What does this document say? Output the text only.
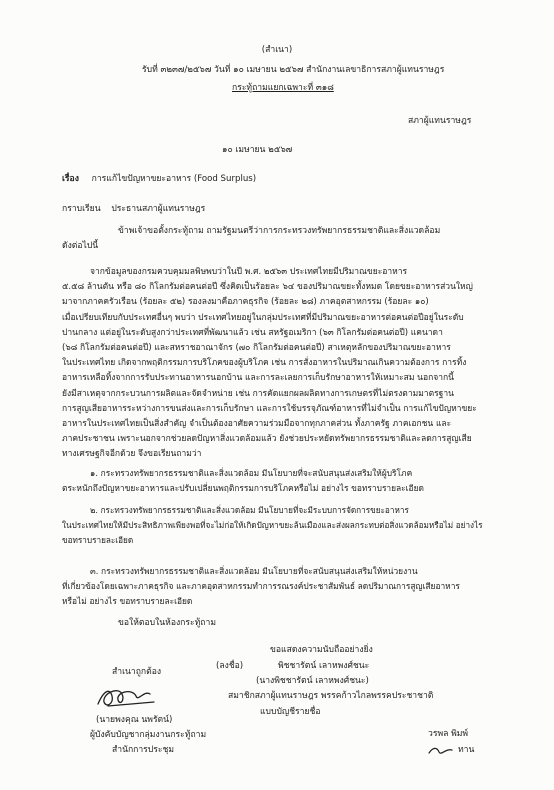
(สำเนา)
รับที่ ๓๒๓๗/๒๕๖๗ วันที่ ๑๐ เมษายน ๒๕๖๗ สำนักงานเลขาธิการสภาผู้แทนราษฎร
กระทู้ถามแยกเฉพาะที่ ๓๑๘
สภาผู้แทนราษฎร
๑๐ เมษายน ๒๕๖๗
เรื่อง การแก้ไขปัญหาขยะอาหาร (Food Surplus)
กราบเรียน ประธานสภาผู้แทนราษฎร
ข้าพเจ้าขอตั้งกระทู้ถาม ถามรัฐมนตรีว่าการกระทรวงทรัพยากรธรรมชาติและสิ่งแวดล้อม
ดังต่อไปนี้
จากข้อมูลของกรมควบคุมมลพิษพบว่าในปี พ.ศ. ๒๕๖๓ ประเทศไทยมีปริมาณขยะอาหาร
๕.๕๘ ล้านตัน หรือ ๘๐ กิโลกรัมต่อคนต่อปี ซึ่งคิดเป็นร้อยละ ๖๔ ของปริมาณขยะทั้งหมด โดยขยะอาหารส่วนใหญ่
มาจากภาคครัวเรือน (ร้อยละ ๕๒) รองลงมาคือภาคธุรกิจ (ร้อยละ ๒๘) ภาคอุตสาหกรรม (ร้อยละ ๑๐)
เมื่อเปรียบเทียบกับประเทศอื่นๆ พบว่า ประเทศไทยอยู่ในกลุ่มประเทศที่มีปริมาณขยะอาหารต่อคนต่อปีอยู่ในระดับ
ปานกลาง แต่อยู่ในระดับสูงกว่าประเทศที่พัฒนาแล้ว เช่น สหรัฐอเมริกา (๖๓ กิโลกรัมต่อคนต่อปี) แคนาดา
(๖๘ กิโลกรัมต่อคนต่อปี) และสหราชอาณาจักร (๗๐ กิโลกรัมต่อคนต่อปี) สาเหตุหลักของปริมาณขยะอาหาร
ในประเทศไทย เกิดจากพฤติกรรมการบริโภคของผู้บริโภค เช่น การสั่งอาหารในปริมาณเกินความต้องการ การทิ้ง
อาหารเหลือทิ้งจากการรับประทานอาหารนอกบ้าน และการละเลยการเก็บรักษาอาหารให้เหมาะสม นอกจากนี้
ยังมีสาเหตุจากกระบวนการผลิตและจัดจำหน่าย เช่น การคัดแยกผลผลิตทางการเกษตรที่ไม่ตรงตามมาตรฐาน
การสูญเสียอาหารระหว่างการขนส่งและการเก็บรักษา และการใช้บรรจุภัณฑ์อาหารที่ไม่จำเป็น การแก้ไขปัญหาขยะ
อาหารในประเทศไทยเป็นสิ่งสำคัญ จำเป็นต้องอาศัยความร่วมมือจากทุกภาคส่วน ทั้งภาครัฐ ภาคเอกชน และ
ภาคประชาชน เพราะนอกจากช่วยลดปัญหาสิ่งแวดล้อมแล้ว ยังช่วยประหยัดทรัพยากรธรรมชาติและลดการสูญเสีย
ทางเศรษฐกิจอีกด้วย จึงขอเรียนถามว่า
๑. กระทรวงทรัพยากรธรรมชาติและสิ่งแวดล้อม มีนโยบายที่จะสนับสนุนส่งเสริมให้ผู้บริโภค
ตระหนักถึงปัญหาขยะอาหารและปรับเปลี่ยนพฤติกรรมการบริโภคหรือไม่ อย่างไร ขอทราบรายละเอียด
๒. กระทรวงทรัพยากรธรรมชาติและสิ่งแวดล้อม มีนโยบายที่จะมีระบบการจัดการขยะอาหาร
ในประเทศไทยให้มีประสิทธิภาพเพียงพอที่จะไม่ก่อให้เกิดปัญหาขยะล้นเมืองและส่งผลกระทบต่อสิ่งแวดล้อมหรือไม่ อย่างไร
ขอทราบรายละเอียด
๓. กระทรวงทรัพยากรธรรมชาติและสิ่งแวดล้อม มีนโยบายที่จะสนับสนุนส่งเสริมให้หน่วยงาน
ที่เกี่ยวข้องโดยเฉพาะภาคธุรกิจ และภาคอุตสาหกรรมทำการรณรงค์ประชาสัมพันธ์ ลดปริมาณการสูญเสียอาหาร
หรือไม่ อย่างไร ขอทราบรายละเอียด
ขอให้ตอบในห้องกระทู้ถาม
ขอแสดงความนับถืออย่างยิ่ง
(ลงชื่อ)	พิชชารัตน์ เลาหพงศ์ชนะ
(นางพิชชารัตน์ เลาหพงศ์ชนะ)
สมาชิกสภาผู้แทนราษฎร พรรคก้าวไกลพรรคประชาชาติ
แบบบัญชีรายชื่อ
สำเนาถูกต้อง
(นายพงคุณ นพรัตน์)
ผู้บังคับบัญชากลุ่มงานกระทู้ถาม
สำนักการประชุม
วรพล พิมพ์
ทาน
